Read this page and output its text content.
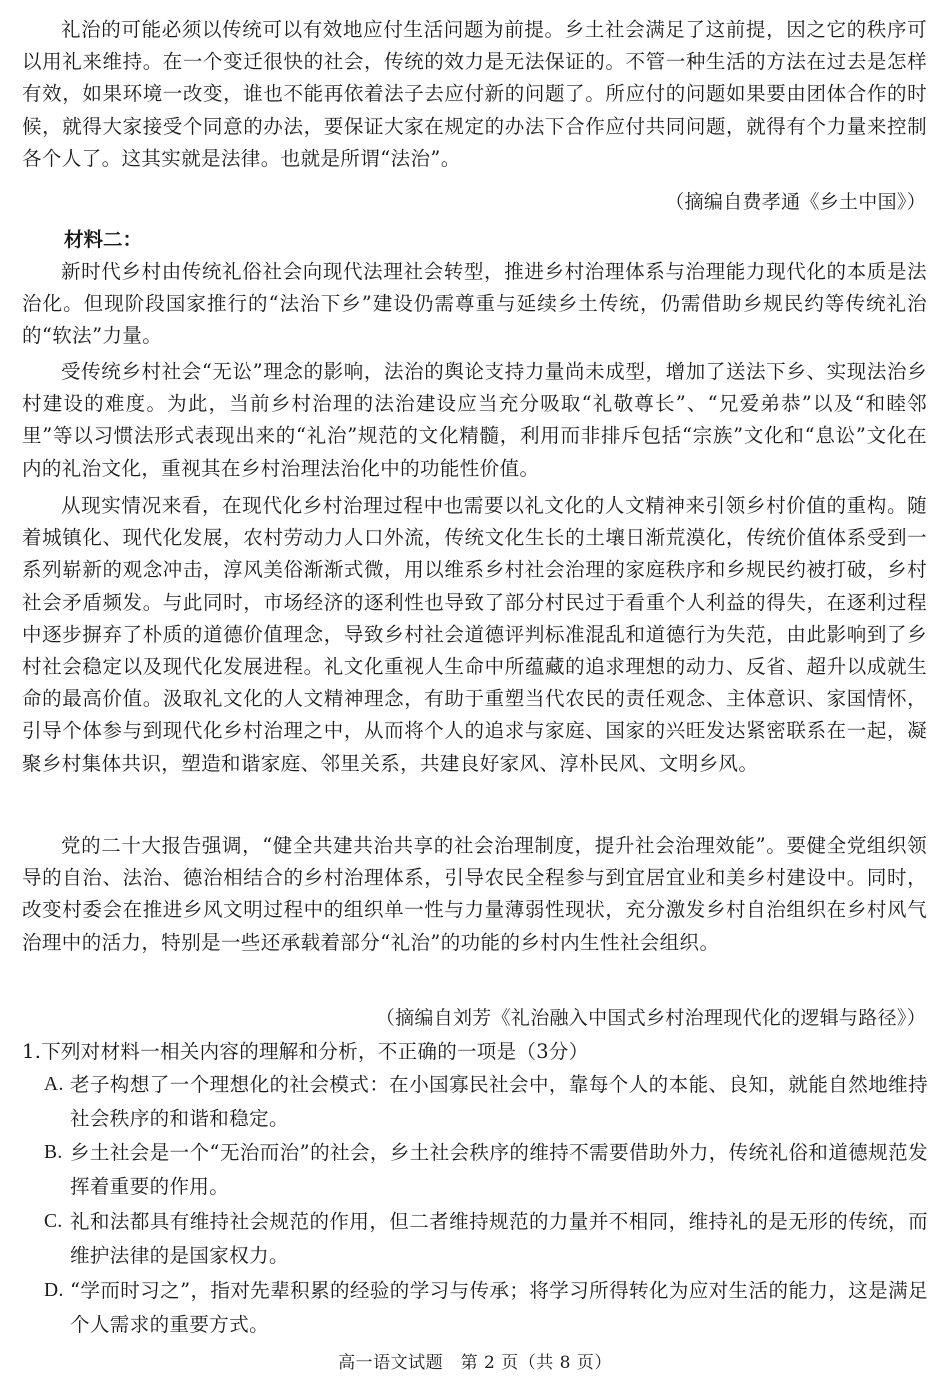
礼治的可能必须以传统可以有效地应付生活问题为前提。乡土社会满足了这前提，因之它的秩序可以用礼来维持。在一个变迁很快的社会，传统的效力是无法保证的。不管一种生活的方法在过去是怎样有效，如果环境一改变，谁也不能再依着法子去应付新的问题了。所应付的问题如果要由团体合作的时候，就得大家接受个同意的办法，要保证大家在规定的办法下合作应付共同问题，就得有个力量来控制各个人了。这其实就是法律。也就是所谓“法治”。

（摘编自费孝通《乡土中国》）

材料二：

新时代乡村由传统礼俗社会向现代法理社会转型，推进乡村治理体系与治理能力现代化的本质是法治化。但现阶段国家推行的“法治下乡”建设仍需尊重与延续乡土传统，仍需借助乡规民约等传统礼治的“软法”力量。

受传统乡村社会“无讼”理念的影响，法治的舆论支持力量尚未成型，增加了送法下乡、实现法治乡村建设的难度。为此，当前乡村治理的法治建设应当充分吸取“礼敬尊长”、“兄爱弟恭”以及“和睦邻里”等以习惯法形式表现出来的“礼治”规范的文化精髓，利用而非排斥包括“宗族”文化和“息讼”文化在内的礼治文化，重视其在乡村治理法治化中的功能性价值。

从现实情况来看，在现代化乡村治理过程中也需要以礼文化的人文精神来引领乡村价值的重构。随着城镇化、现代化发展，农村劳动力人口外流，传统文化生长的土壤日渐荒漠化，传统价值体系受到一系列崭新的观念冲击，淳风美俗渐渐式微，用以维系乡村社会治理的家庭秩序和乡规民约被打破，乡村社会矛盾频发。与此同时，市场经济的逐利性也导致了部分村民过于看重个人利益的得失，在逐利过程中逐步摒弃了朴质的道德价值理念，导致乡村社会道德评判标准混乱和道德行为失范，由此影响到了乡村社会稳定以及现代化发展进程。礼文化重视人生命中所蕴藏的追求理想的动力、反省、超升以成就生命的最高价值。汲取礼文化的人文精神理念，有助于重塑当代农民的责任观念、主体意识、家国情怀，引导个体参与到现代化乡村治理之中，从而将个人的追求与家庭、国家的兴旺发达紧密联系在一起，凝聚乡村集体共识，塑造和谐家庭、邻里关系，共建良好家风、淳朴民风、文明乡风。

党的二十大报告强调，“健全共建共治共享的社会治理制度，提升社会治理效能”。要健全党组织领导的自治、法治、德治相结合的乡村治理体系，引导农民全程参与到宜居宜业和美乡村建设中。同时，改变村委会在推进乡风文明过程中的组织单一性与力量薄弱性现状，充分激发乡村自治组织在乡村风气治理中的活力，特别是一些还承载着部分“礼治”的功能的乡村内生性社会组织。

（摘编自刘芳《礼治融入中国式乡村治理现代化的逻辑与路径》）

1.下列对材料一相关内容的理解和分析，不正确的一项是（3分）

A. 老子构想了一个理想化的社会模式：在小国寡民社会中，靠每个人的本能、良知，就能自然地维持社会秩序的和谐和稳定。
B. 乡土社会是一个“无治而治”的社会，乡土社会秩序的维持不需要借助外力，传统礼俗和道德规范发挥着重要的作用。
C. 礼和法都具有维持社会规范的作用，但二者维持规范的力量并不相同，维持礼的是无形的传统，而维护法律的是国家权力。
D. “学而时习之”，指对先辈积累的经验的学习与传承；将学习所得转化为应对生活的能力，这是满足个人需求的重要方式。
高一语文试题　第 2 页（共 8 页）
